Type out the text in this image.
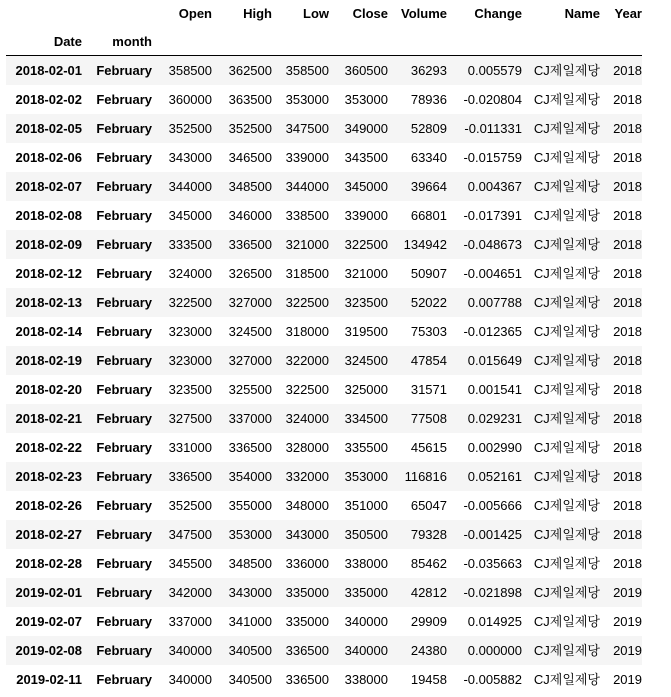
		Open	High	Low	Close	Volume	Change	Name	Year
Date	month								
2018-02-01	February	358500	362500	358500	360500	36293	0.005579	CJ제일제당	2018
2018-02-02	February	360000	363500	353000	353000	78936	-0.020804	CJ제일제당	2018
2018-02-05	February	352500	352500	347500	349000	52809	-0.011331	CJ제일제당	2018
2018-02-06	February	343000	346500	339000	343500	63340	-0.015759	CJ제일제당	2018
2018-02-07	February	344000	348500	344000	345000	39664	0.004367	CJ제일제당	2018
2018-02-08	February	345000	346000	338500	339000	66801	-0.017391	CJ제일제당	2018
2018-02-09	February	333500	336500	321000	322500	134942	-0.048673	CJ제일제당	2018
2018-02-12	February	324000	326500	318500	321000	50907	-0.004651	CJ제일제당	2018
2018-02-13	February	322500	327000	322500	323500	52022	0.007788	CJ제일제당	2018
2018-02-14	February	323000	324500	318000	319500	75303	-0.012365	CJ제일제당	2018
2018-02-19	February	323000	327000	322000	324500	47854	0.015649	CJ제일제당	2018
2018-02-20	February	323500	325500	322500	325000	31571	0.001541	CJ제일제당	2018
2018-02-21	February	327500	337000	324000	334500	77508	0.029231	CJ제일제당	2018
2018-02-22	February	331000	336500	328000	335500	45615	0.002990	CJ제일제당	2018
2018-02-23	February	336500	354000	332000	353000	116816	0.052161	CJ제일제당	2018
2018-02-26	February	352500	355000	348000	351000	65047	-0.005666	CJ제일제당	2018
2018-02-27	February	347500	353000	343000	350500	79328	-0.001425	CJ제일제당	2018
2018-02-28	February	345500	348500	336000	338000	85462	-0.035663	CJ제일제당	2018
2019-02-01	February	342000	343000	335000	335000	42812	-0.021898	CJ제일제당	2019
2019-02-07	February	337000	341000	335000	340000	29909	0.014925	CJ제일제당	2019
2019-02-08	February	340000	340500	336500	340000	24380	0.000000	CJ제일제당	2019
2019-02-11	February	340000	340500	336500	338000	19458	-0.005882	CJ제일제당	2019
